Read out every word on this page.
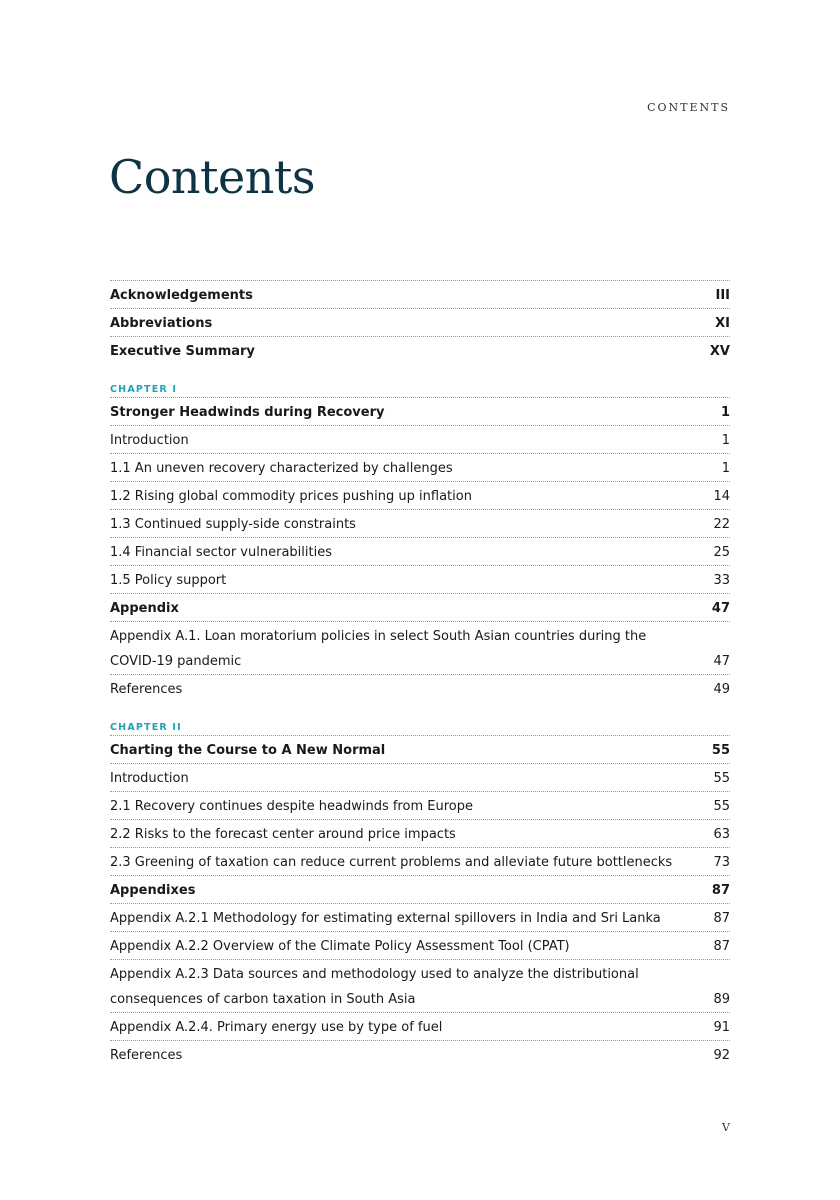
CONTENTS
Contents
Acknowledgements	III
Abbreviations	XI
Executive Summary	XV
CHAPTER I
Stronger Headwinds during Recovery	1
Introduction	1
1.1 An uneven recovery characterized by challenges	1
1.2 Rising global commodity prices pushing up inflation	14
1.3 Continued supply-side constraints	22
1.4 Financial sector vulnerabilities	25
1.5 Policy support	33
Appendix	47
Appendix A.1. Loan moratorium policies in select South Asian countries during the COVID-19 pandemic	47
References	49
CHAPTER II
Charting the Course to A New Normal	55
Introduction	55
2.1 Recovery continues despite headwinds from Europe	55
2.2 Risks to the forecast center around price impacts	63
2.3 Greening of taxation can reduce current problems and alleviate future bottlenecks	73
Appendixes	87
Appendix A.2.1 Methodology for estimating external spillovers in India and Sri Lanka	87
Appendix A.2.2 Overview of the Climate Policy Assessment Tool (CPAT)	87
Appendix A.2.3 Data sources and methodology used to analyze the distributional consequences of carbon taxation in South Asia	89
Appendix A.2.4. Primary energy use by type of fuel	91
References	92
V
